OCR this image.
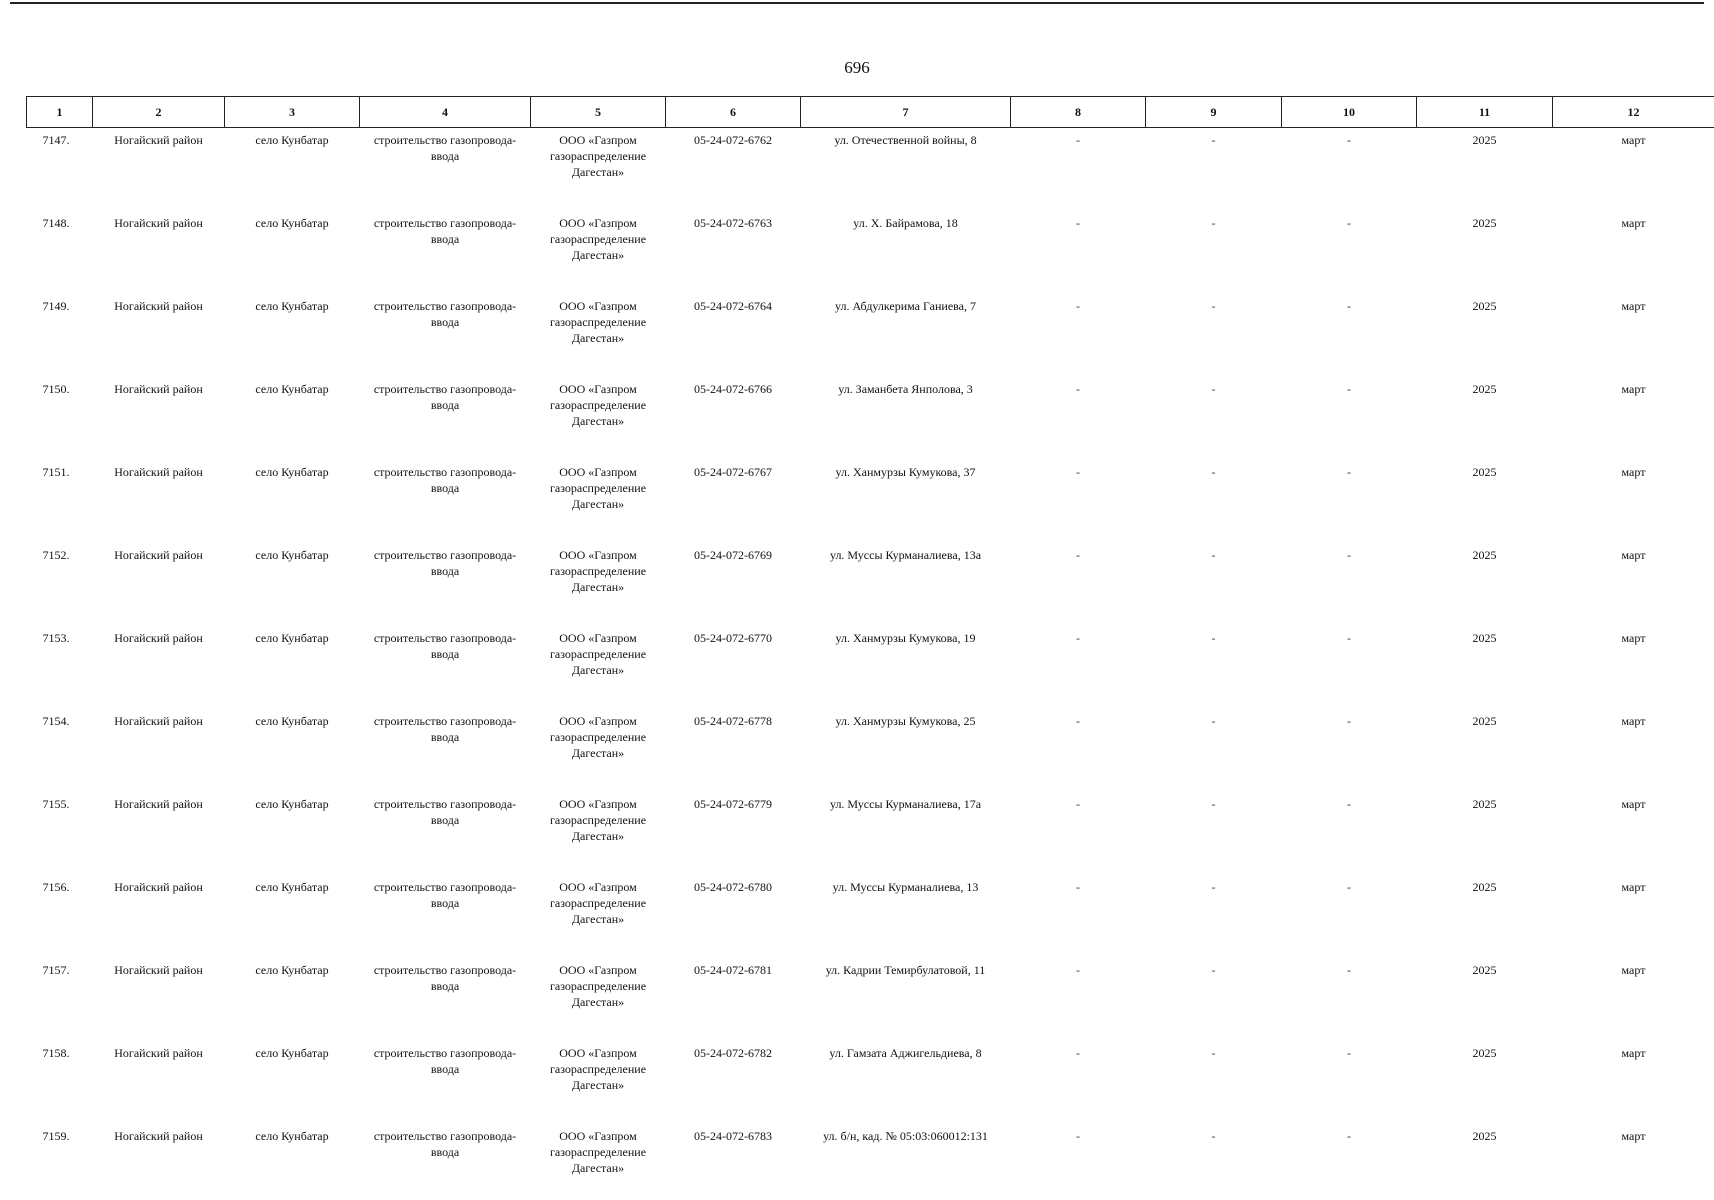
696
1	2	3	4	5	6	7	8	9	10	11	12
7147.	Ногайский район	село Кунбатар	строительство газопровода-ввода	ООО «Газпром газораспределение Дагестан»	05-24-072-6762	ул. Отечественной войны, 8	-	-	-	2025	март
7148.	Ногайский район	село Кунбатар	строительство газопровода-ввода	ООО «Газпром газораспределение Дагестан»	05-24-072-6763	ул. Х. Байрамова, 18	-	-	-	2025	март
7149.	Ногайский район	село Кунбатар	строительство газопровода-ввода	ООО «Газпром газораспределение Дагестан»	05-24-072-6764	ул. Абдулкерима Ганиева, 7	-	-	-	2025	март
7150.	Ногайский район	село Кунбатар	строительство газопровода-ввода	ООО «Газпром газораспределение Дагестан»	05-24-072-6766	ул. Заманбета Янполова, 3	-	-	-	2025	март
7151.	Ногайский район	село Кунбатар	строительство газопровода-ввода	ООО «Газпром газораспределение Дагестан»	05-24-072-6767	ул. Ханмурзы Кумукова, 37	-	-	-	2025	март
7152.	Ногайский район	село Кунбатар	строительство газопровода-ввода	ООО «Газпром газораспределение Дагестан»	05-24-072-6769	ул. Муссы Курманалиева, 13а	-	-	-	2025	март
7153.	Ногайский район	село Кунбатар	строительство газопровода-ввода	ООО «Газпром газораспределение Дагестан»	05-24-072-6770	ул. Ханмурзы Кумукова, 19	-	-	-	2025	март
7154.	Ногайский район	село Кунбатар	строительство газопровода-ввода	ООО «Газпром газораспределение Дагестан»	05-24-072-6778	ул. Ханмурзы Кумукова, 25	-	-	-	2025	март
7155.	Ногайский район	село Кунбатар	строительство газопровода-ввода	ООО «Газпром газораспределение Дагестан»	05-24-072-6779	ул. Муссы Курманалиева, 17а	-	-	-	2025	март
7156.	Ногайский район	село Кунбатар	строительство газопровода-ввода	ООО «Газпром газораспределение Дагестан»	05-24-072-6780	ул. Муссы Курманалиева, 13	-	-	-	2025	март
7157.	Ногайский район	село Кунбатар	строительство газопровода-ввода	ООО «Газпром газораспределение Дагестан»	05-24-072-6781	ул. Кадрии Темирбулатовой, 11	-	-	-	2025	март
7158.	Ногайский район	село Кунбатар	строительство газопровода-ввода	ООО «Газпром газораспределение Дагестан»	05-24-072-6782	ул. Гамзата Аджигельдиева, 8	-	-	-	2025	март
7159.	Ногайский район	село Кунбатар	строительство газопровода-ввода	ООО «Газпром газораспределение Дагестан»	05-24-072-6783	ул. б/н, кад. № 05:03:060012:131	-	-	-	2025	март
